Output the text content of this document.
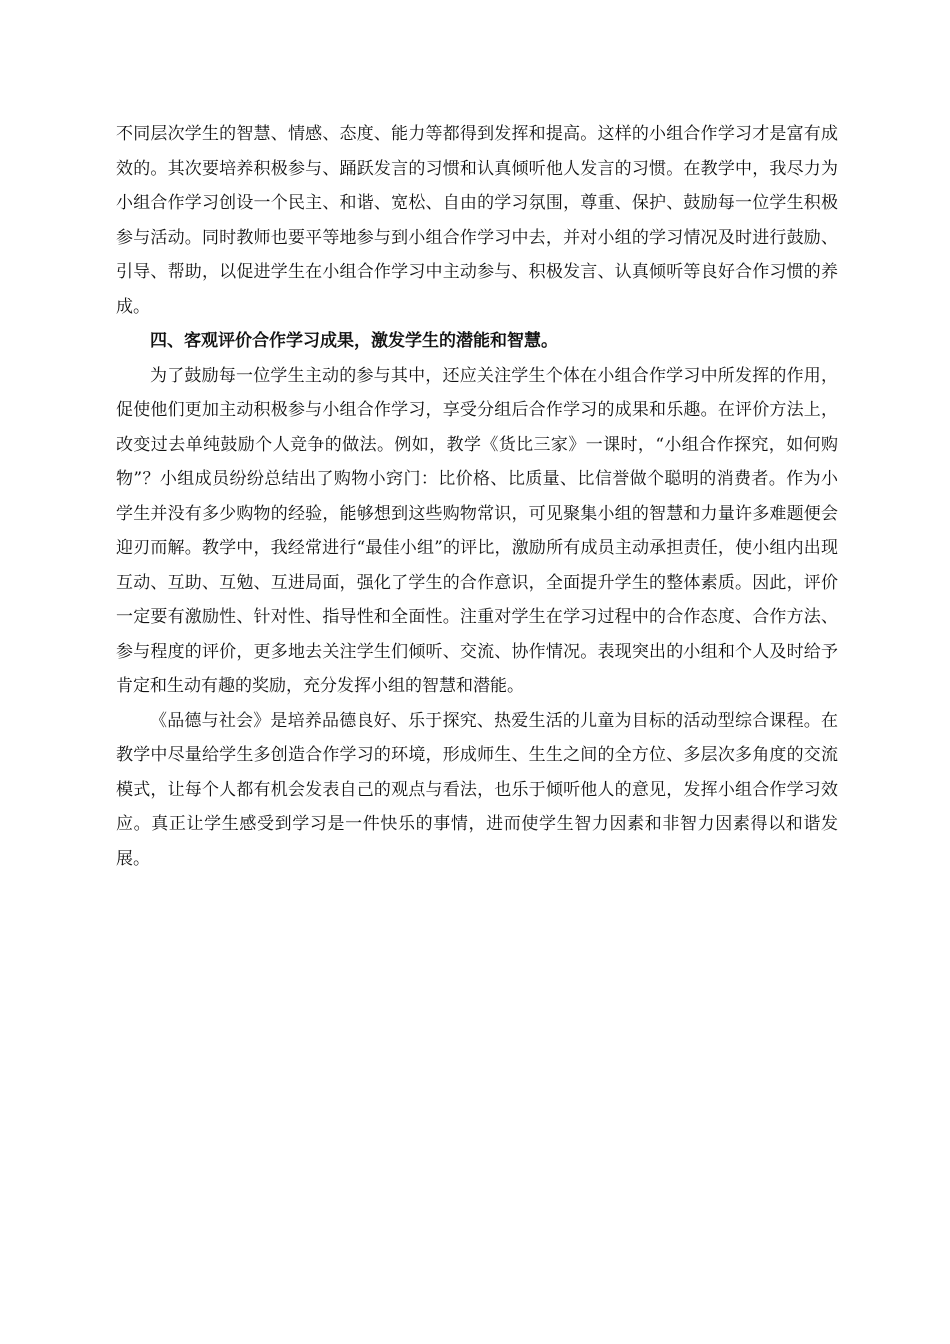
不同层次学生的智慧、情感、态度、能力等都得到发挥和提高。这样的小组合作学习才是富有成效的。其次要培养积极参与、踊跃发言的习惯和认真倾听他人发言的习惯。在教学中，我尽力为小组合作学习创设一个民主、和谐、宽松、自由的学习氛围，尊重、保护、鼓励每一位学生积极参与活动。同时教师也要平等地参与到小组合作学习中去，并对小组的学习情况及时进行鼓励、引导、帮助，以促进学生在小组合作学习中主动参与、积极发言、认真倾听等良好合作习惯的养成。

四、客观评价合作学习成果，激发学生的潜能和智慧。

为了鼓励每一位学生主动的参与其中，还应关注学生个体在小组合作学习中所发挥的作用，促使他们更加主动积极参与小组合作学习，享受分组后合作学习的成果和乐趣。在评价方法上，改变过去单纯鼓励个人竞争的做法。例如，教学《货比三家》一课时，“小组合作探究，如何购物”？小组成员纷纷总结出了购物小窍门：比价格、比质量、比信誉做个聪明的消费者。作为小学生并没有多少购物的经验，能够想到这些购物常识，可见聚集小组的智慧和力量许多难题便会迎刃而解。教学中，我经常进行“最佳小组”的评比，激励所有成员主动承担责任，使小组内出现互动、互助、互勉、互进局面，强化了学生的合作意识，全面提升学生的整体素质。因此，评价一定要有激励性、针对性、指导性和全面性。注重对学生在学习过程中的合作态度、合作方法、参与程度的评价，更多地去关注学生们倾听、交流、协作情况。表现突出的小组和个人及时给予肯定和生动有趣的奖励，充分发挥小组的智慧和潜能。

《品德与社会》是培养品德良好、乐于探究、热爱生活的儿童为目标的活动型综合课程。在教学中尽量给学生多创造合作学习的环境，形成师生、生生之间的全方位、多层次多角度的交流模式，让每个人都有机会发表自己的观点与看法，也乐于倾听他人的意见，发挥小组合作学习效应。真正让学生感受到学习是一件快乐的事情，进而使学生智力因素和非智力因素得以和谐发展。
